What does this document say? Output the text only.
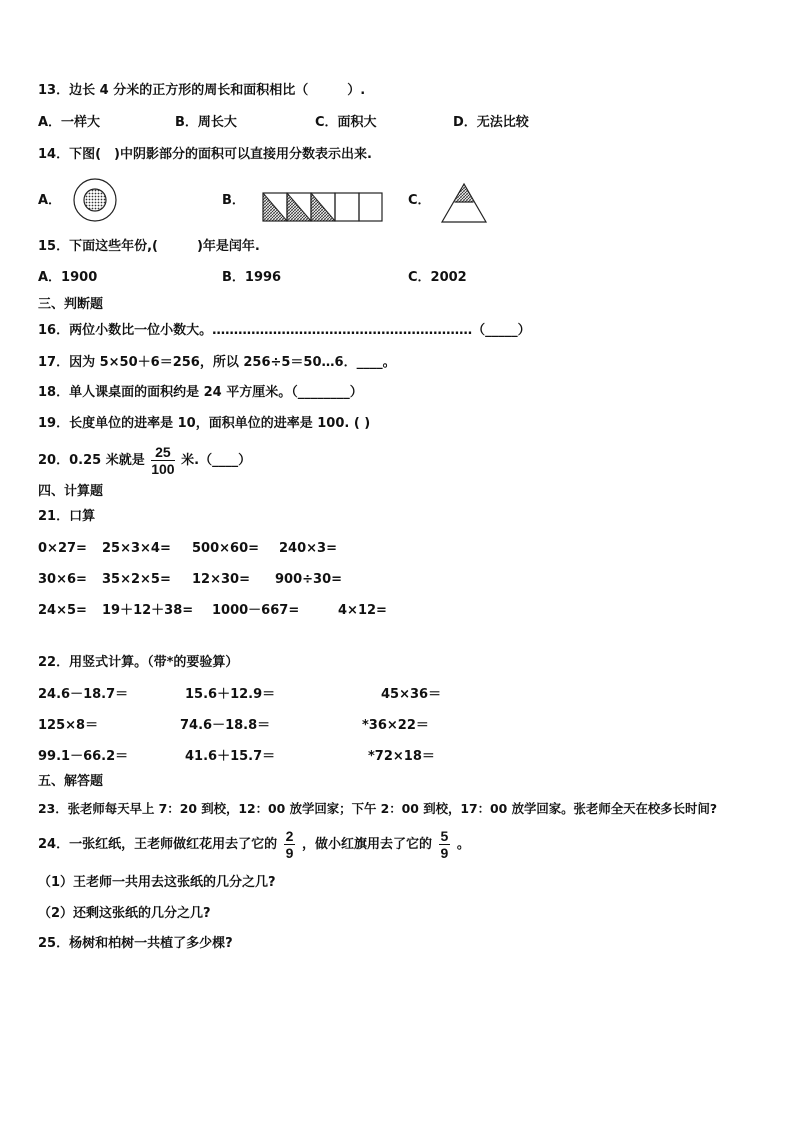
13．边长 4 分米的正方形的周长和面积相比（　　　）.
A．一样大	B．周长大	C．面积大	D．无法比较
14．下图(　)中阴影部分的面积可以直接用分数表示出来.
A．	B．	C．
15．下面这些年份,(　　　)年是闰年.
A．1900	B．1996	C．2002
三、判断题
16．两位小数比一位小数大。……………………………………………………（_____）
17．因为 5×50＋6＝256，所以 256÷5＝50…6．____。
18．单人课桌面的面积约是 24 平方厘米。（________）
19．长度单位的进率是 10，面积单位的进率是 100. ( )
20．0.25 米就是 $\frac{25}{100}$ 米.（____）
四、计算题
21．口算
0×27= 25×3×4= 500×60= 240×3=
30×6= 35×2×5= 12×30= 900÷30=
24×5= 19＋12＋38= 1000－667=	4×12=
22．用竖式计算。（带*的要验算）
24.6－18.7＝	15.6＋12.9＝	45×36＝
125×8＝	74.6－18.8＝	*36×22＝
99.1－66.2＝	41.6＋15.7＝	*72×18＝
五、解答题
23．张老师每天早上 7：20 到校，12：00 放学回家；下午 2：00 到校，17：00 放学回家。张老师全天在校多长时间?
24．一张红纸，王老师做红花用去了它的 $\frac{2}{9}$ ，做小红旗用去了它的 $\frac{5}{9}$ 。
（1）王老师一共用去这张纸的几分之几?
（2）还剩这张纸的几分之几?
25．杨树和柏树一共植了多少棵?
